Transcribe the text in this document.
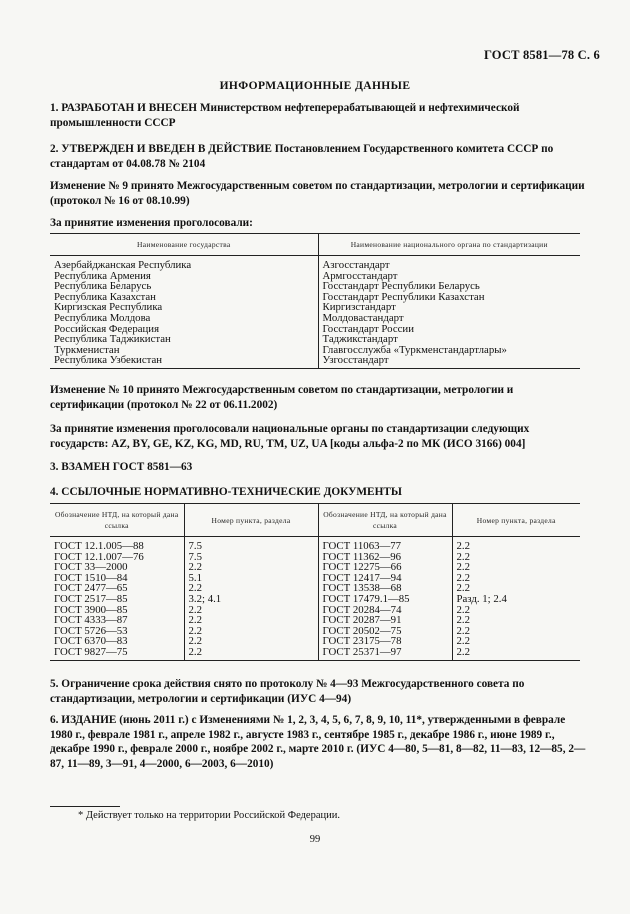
ГОСТ 8581—78 С. 6
ИНФОРМАЦИОННЫЕ ДАННЫЕ
1. РАЗРАБОТАН И ВНЕСЕН Министерством нефтеперерабатывающей и нефтехимической промышленности СССР
2. УТВЕРЖДЕН И ВВЕДЕН В ДЕЙСТВИЕ Постановлением Государственного комитета СССР по стандартам от 04.08.78 № 2104
Изменение № 9 принято Межгосударственным советом по стандартизации, метрологии и сертификации (протокол № 16 от 08.10.99)
За принятие изменения проголосовали:
Наименование государства	Наименование национального органа по стандартизации
Азербайджанская Республика	Азгосстандарт
Республика Армения	Армгосстандарт
Республика Беларусь	Госстандарт Республики Беларусь
Республика Казахстан	Госстандарт Республики Казахстан
Киргизская Республика	Киргизстандарт
Республика Молдова	Молдовастандарт
Российская Федерация	Госстандарт России
Республика Таджикистан	Таджикстандарт
Туркменистан	Главгосслужба «Туркменстандартлары»
Республика Узбекистан	Узгосстандарт
Изменение № 10 принято Межгосударственным советом по стандартизации, метрологии и сертификации (протокол № 22 от 06.11.2002)
За принятие изменения проголосовали национальные органы по стандартизации следующих государств: AZ, BY, GE, KZ, KG, MD, RU, TM, UZ, UA [коды альфа-2 по МК (ИСО 3166) 004]
3. ВЗАМЕН ГОСТ 8581—63
4. ССЫЛОЧНЫЕ НОРМАТИВНО-ТЕХНИЧЕСКИЕ ДОКУМЕНТЫ
Обозначение НТД, на который дана ссылка	Номер пункта, раздела	Обозначение НТД, на который дана ссылка	Номер пункта, раздела
ГОСТ 12.1.005—88	7.5	ГОСТ 11063—77	2.2
ГОСТ 12.1.007—76	7.5	ГОСТ 11362—96	2.2
ГОСТ 33—2000	2.2	ГОСТ 12275—66	2.2
ГОСТ 1510—84	5.1	ГОСТ 12417—94	2.2
ГОСТ 2477—65	2.2	ГОСТ 13538—68	2.2
ГОСТ 2517—85	3.2; 4.1	ГОСТ 17479.1—85	Разд. 1; 2.4
ГОСТ 3900—85	2.2	ГОСТ 20284—74	2.2
ГОСТ 4333—87	2.2	ГОСТ 20287—91	2.2
ГОСТ 5726—53	2.2	ГОСТ 20502—75	2.2
ГОСТ 6370—83	2.2	ГОСТ 23175—78	2.2
ГОСТ 9827—75	2.2	ГОСТ 25371—97	2.2
5. Ограничение срока действия снято по протоколу № 4—93 Межгосударственного совета по стандартизации, метрологии и сертификации (ИУС 4—94)
6. ИЗДАНИЕ (июнь 2011 г.) с Изменениями № 1, 2, 3, 4, 5, 6, 7, 8, 9, 10, 11*, утвержденными в феврале 1980 г., феврале 1981 г., апреле 1982 г., августе 1983 г., сентябре 1985 г., декабре 1986 г., июне 1989 г., декабре 1990 г., феврале 2000 г., ноябре 2002 г., марте 2010 г. (ИУС 4—80, 5—81, 8—82, 11—83, 12—85, 2—87, 11—89, 3—91, 4—2000, 6—2003, 6—2010)
* Действует только на территории Российской Федерации.
99
